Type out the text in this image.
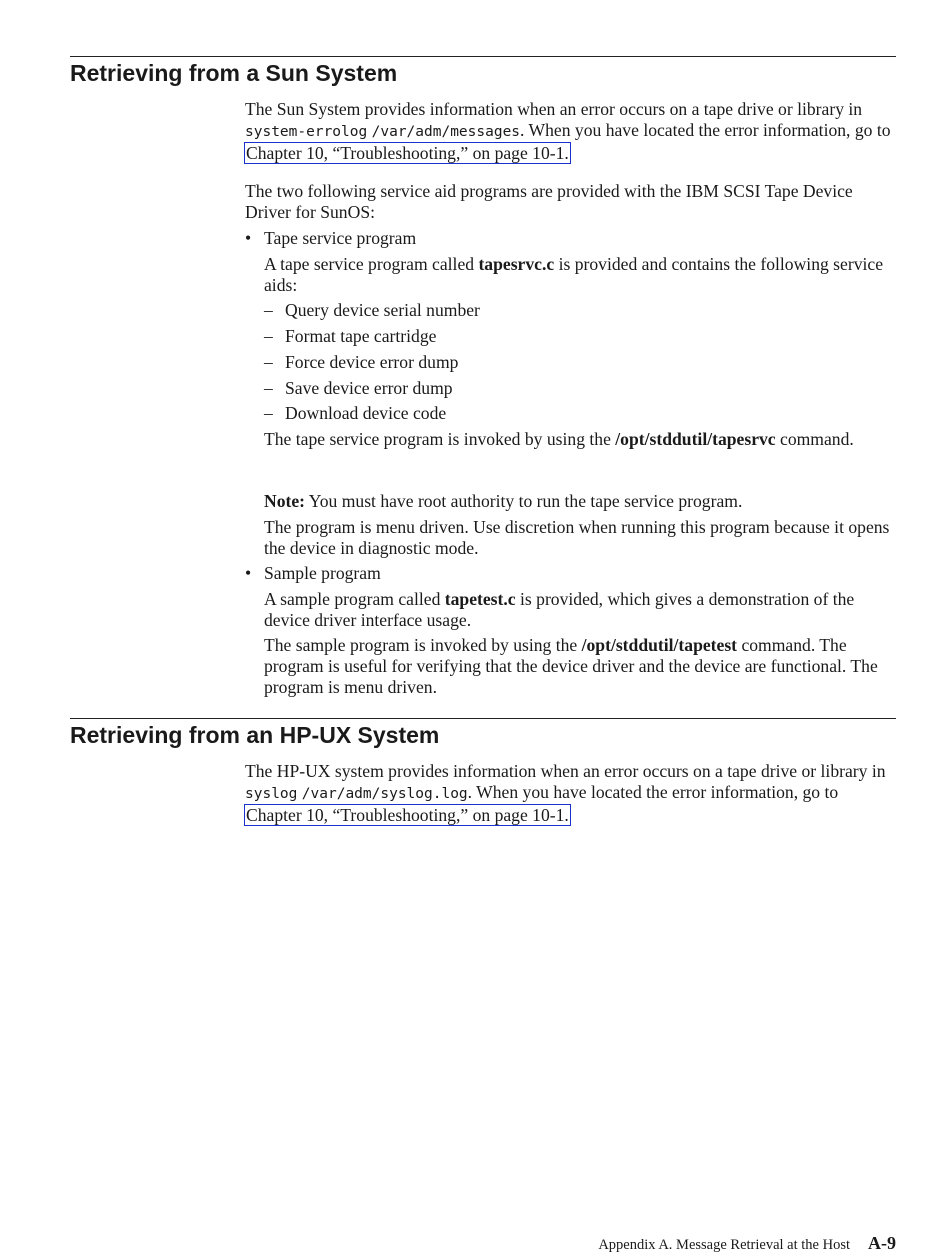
Retrieving from a Sun System
The Sun System provides information when an error occurs on a tape drive or library in system-errolog /var/adm/messages. When you have located the error information, go to Chapter 10, “Troubleshooting,” on page 10-1.
The two following service aid programs are provided with the IBM SCSI Tape Device Driver for SunOS:
• Tape service program
A tape service program called tapesrvc.c is provided and contains the following service aids:
– Query device serial number
– Format tape cartridge
– Force device error dump
– Save device error dump
– Download device code
The tape service program is invoked by using the /opt/stddutil/tapesrvc command.
Note: You must have root authority to run the tape service program.
The program is menu driven. Use discretion when running this program because it opens the device in diagnostic mode.
• Sample program
A sample program called tapetest.c is provided, which gives a demonstration of the device driver interface usage.
The sample program is invoked by using the /opt/stddutil/tapetest command. The program is useful for verifying that the device driver and the device are functional. The program is menu driven.
Retrieving from an HP-UX System
The HP-UX system provides information when an error occurs on a tape drive or library in syslog /var/adm/syslog.log. When you have located the error information, go to Chapter 10, “Troubleshooting,” on page 10-1.
Appendix A. Message Retrieval at the Host A-9
